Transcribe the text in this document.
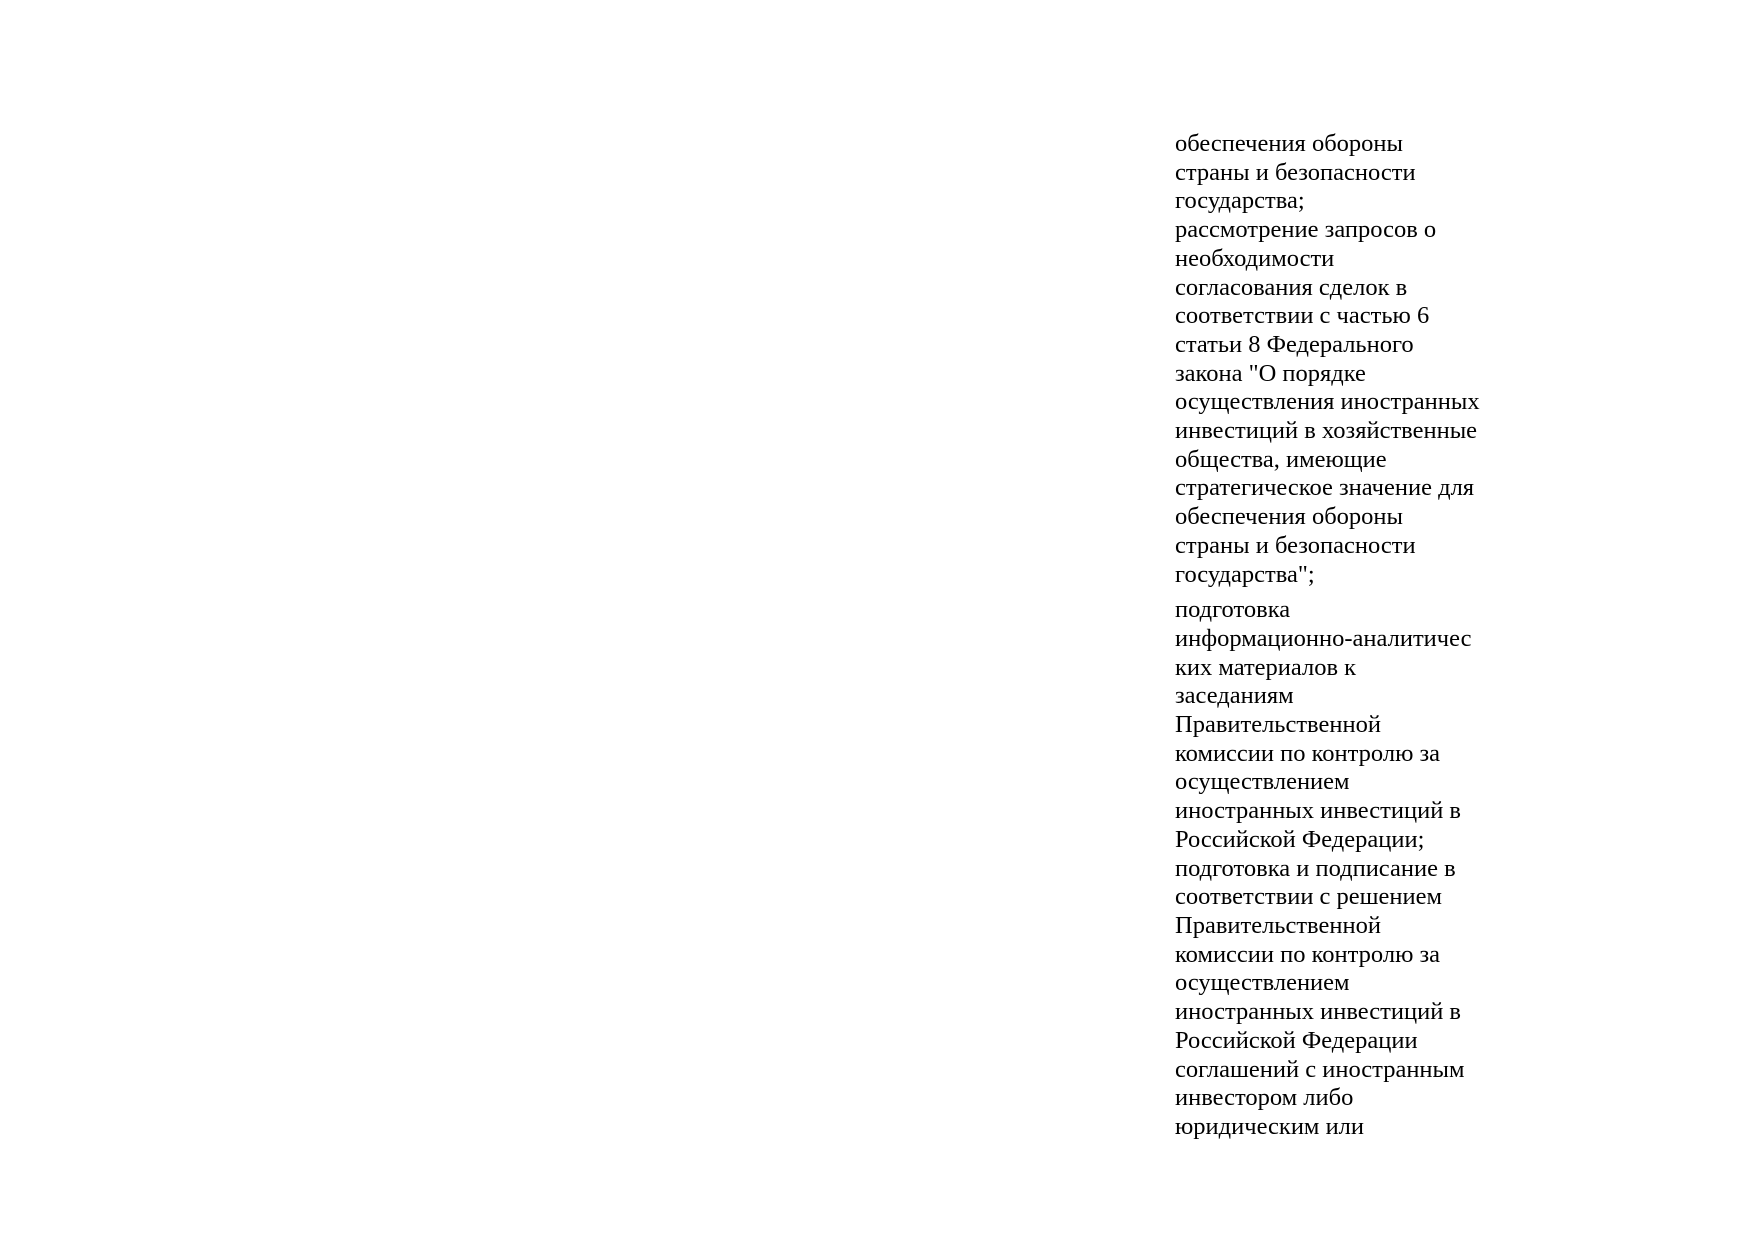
обеспечения обороны
страны и безопасности
государства;
рассмотрение запросов о
необходимости
согласования сделок в
соответствии с частью 6
статьи 8 Федерального
закона "О порядке
осуществления иностранных
инвестиций в хозяйственные
общества, имеющие
стратегическое значение для
обеспечения обороны
страны и безопасности
государства";

подготовка
информационно-аналитичес
ких материалов к
заседаниям
Правительственной
комиссии по контролю за
осуществлением
иностранных инвестиций в
Российской Федерации;
подготовка и подписание в
соответствии с решением
Правительственной
комиссии по контролю за
осуществлением
иностранных инвестиций в
Российской Федерации
соглашений с иностранным
инвестором либо
юридическим или
